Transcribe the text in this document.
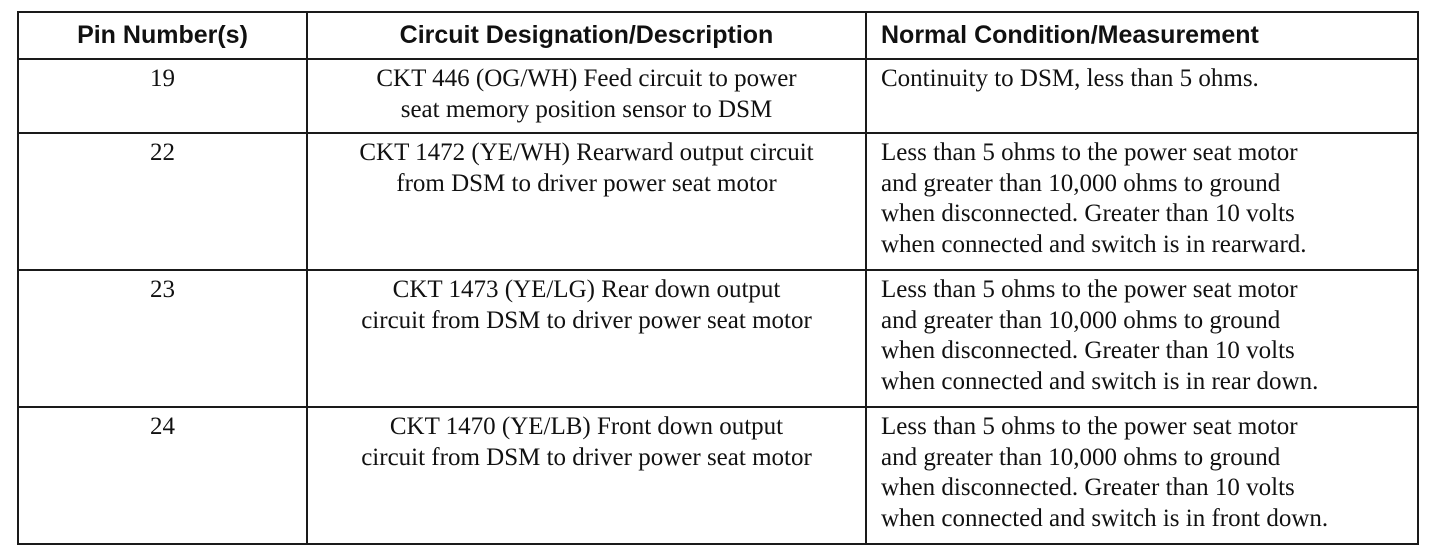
Pin Number(s)	Circuit Designation/Description	Normal Condition/Measurement
19	CKT 446 (OG/WH) Feed circuit to power
seat memory position sensor to DSM	Continuity to DSM, less than 5 ohms.

22	CKT 1472 (YE/WH) Rearward output circuit
from DSM to driver power seat motor	Less than 5 ohms to the power seat motor
and greater than 10,000 ohms to ground
when disconnected. Greater than 10 volts
when connected and switch is in rearward.

23	CKT 1473 (YE/LG) Rear down output
circuit from DSM to driver power seat motor	Less than 5 ohms to the power seat motor
and greater than 10,000 ohms to ground
when disconnected. Greater than 10 volts
when connected and switch is in rear down.

24	CKT 1470 (YE/LB) Front down output
circuit from DSM to driver power seat motor	Less than 5 ohms to the power seat motor
and greater than 10,000 ohms to ground
when disconnected. Greater than 10 volts
when connected and switch is in front down.
